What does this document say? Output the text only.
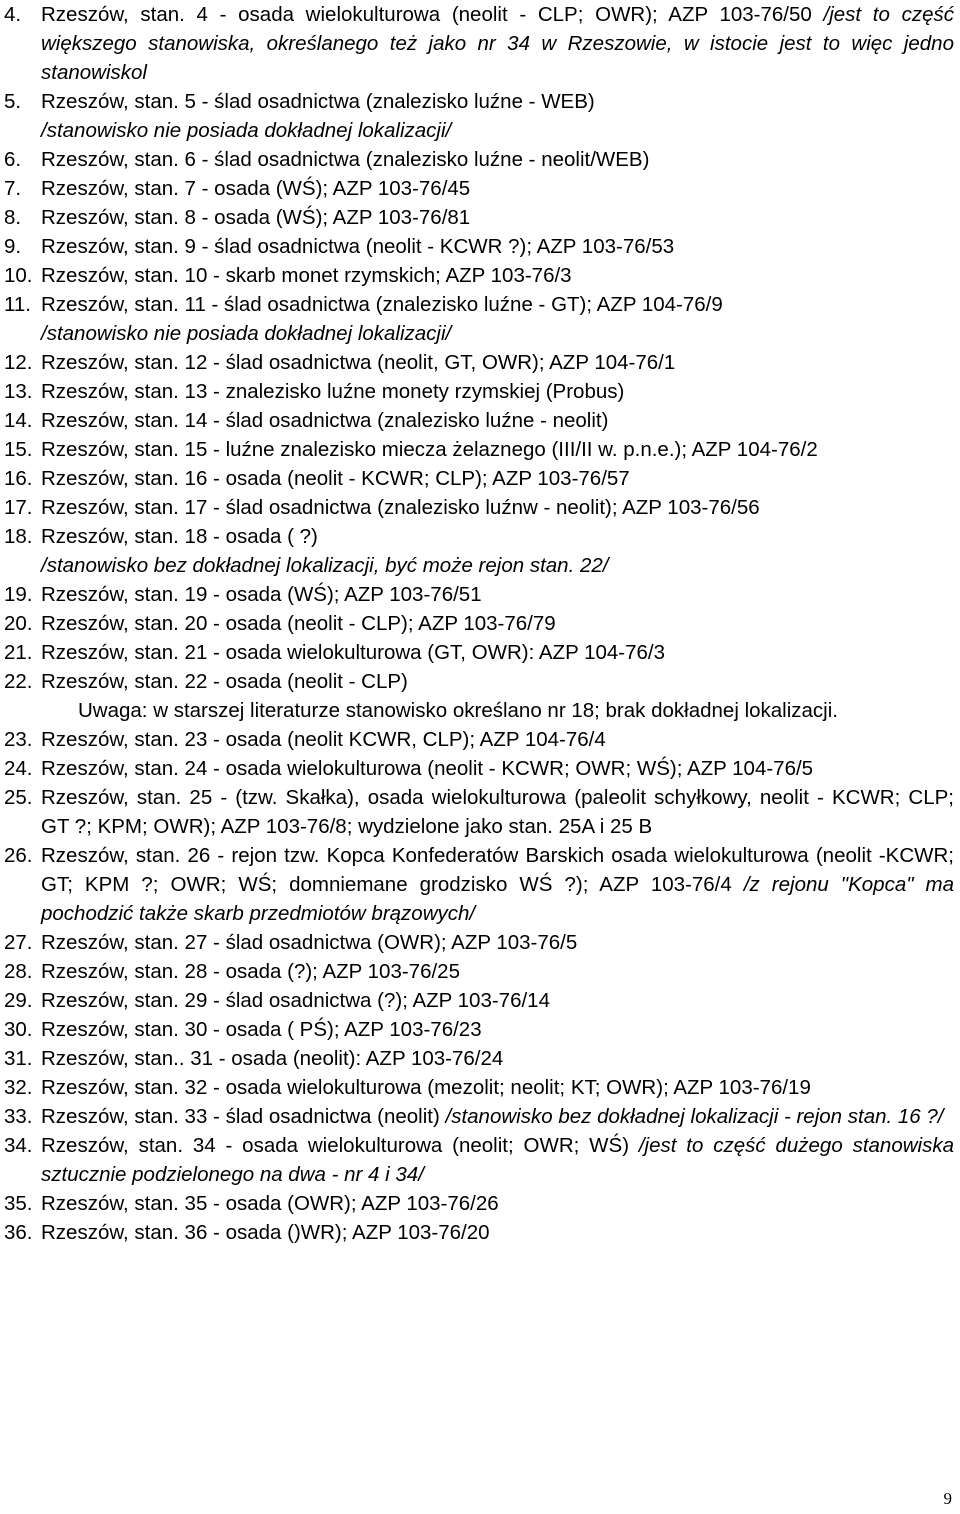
4. Rzeszów, stan. 4 - osada wielokulturowa (neolit - CLP; OWR); AZP 103-76/50 /jest to część większego stanowiska, określanego też jako nr 34 w Rzeszowie, w istocie jest to więc jedno stanowiskol
5. Rzeszów, stan. 5 - ślad osadnictwa (znalezisko luźne - WEB)
/stanowisko nie posiada dokładnej lokalizacji/
6. Rzeszów, stan. 6 - ślad osadnictwa (znalezisko luźne - neolit/WEB)
7. Rzeszów, stan. 7 - osada (WŚ); AZP 103-76/45
8. Rzeszów, stan. 8 - osada (WŚ); AZP 103-76/81
9. Rzeszów, stan. 9 - ślad osadnictwa (neolit - KCWR ?); AZP 103-76/53
10. Rzeszów, stan. 10 - skarb monet rzymskich; AZP 103-76/3
11. Rzeszów, stan. 11 - ślad osadnictwa (znalezisko luźne - GT); AZP 104-76/9
/stanowisko nie posiada dokładnej lokalizacji/
12. Rzeszów, stan. 12 - ślad osadnictwa (neolit, GT, OWR); AZP 104-76/1
13. Rzeszów, stan. 13 - znalezisko luźne monety rzymskiej (Probus)
14. Rzeszów, stan. 14 - ślad osadnictwa (znalezisko luźne - neolit)
15. Rzeszów, stan. 15 - luźne znalezisko miecza żelaznego (III/II w. p.n.e.); AZP 104-76/2
16. Rzeszów, stan. 16 - osada (neolit - KCWR; CLP); AZP 103-76/57
17. Rzeszów, stan. 17 - ślad osadnictwa (znalezisko luźnw - neolit); AZP 103-76/56
18. Rzeszów, stan. 18 - osada ( ?)
/stanowisko bez dokładnej lokalizacji, być może rejon stan. 22/
19. Rzeszów, stan. 19 - osada (WŚ); AZP 103-76/51
20. Rzeszów, stan. 20 - osada (neolit - CLP); AZP 103-76/79
21. Rzeszów, stan. 21 - osada wielokulturowa (GT, OWR): AZP 104-76/3
22. Rzeszów, stan. 22 - osada (neolit - CLP)
Uwaga: w starszej literaturze stanowisko określano nr 18; brak dokładnej lokalizacji.
23. Rzeszów, stan. 23 - osada (neolit KCWR, CLP); AZP 104-76/4
24. Rzeszów, stan. 24 - osada wielokulturowa (neolit - KCWR; OWR; WŚ); AZP 104-76/5
25. Rzeszów, stan. 25 - (tzw. Skałka), osada wielokulturowa (paleolit schyłkowy, neolit - KCWR; CLP; GT ?; KPM; OWR); AZP 103-76/8; wydzielone jako stan. 25A i 25 B
26. Rzeszów, stan. 26 - rejon tzw. Kopca Konfederatów Barskich osada wielokulturowa (neolit -KCWR; GT; KPM ?; OWR; WŚ; domniemane grodzisko WŚ ?); AZP 103-76/4 /z rejonu "Kopca" ma pochodzić także skarb przedmiotów brązowych/
27. Rzeszów, stan. 27 - ślad osadnictwa (OWR); AZP 103-76/5
28. Rzeszów, stan. 28 - osada (?); AZP 103-76/25
29. Rzeszów, stan. 29 - ślad osadnictwa (?); AZP 103-76/14
30. Rzeszów, stan. 30 - osada ( PŚ); AZP 103-76/23
31. Rzeszów, stan.. 31 - osada (neolit): AZP 103-76/24
32. Rzeszów, stan. 32 - osada wielokulturowa (mezolit; neolit; KT; OWR); AZP 103-76/19
33. Rzeszów, stan. 33 - ślad osadnictwa (neolit) /stanowisko bez dokładnej lokalizacji - rejon stan. 16 ?/
34. Rzeszów, stan. 34 - osada wielokulturowa (neolit; OWR; WŚ) /jest to część dużego stanowiska sztucznie podzielonego na dwa - nr 4 i 34/
35. Rzeszów, stan. 35 - osada (OWR); AZP 103-76/26
36. Rzeszów, stan. 36 - osada ()WR); AZP 103-76/20
9
